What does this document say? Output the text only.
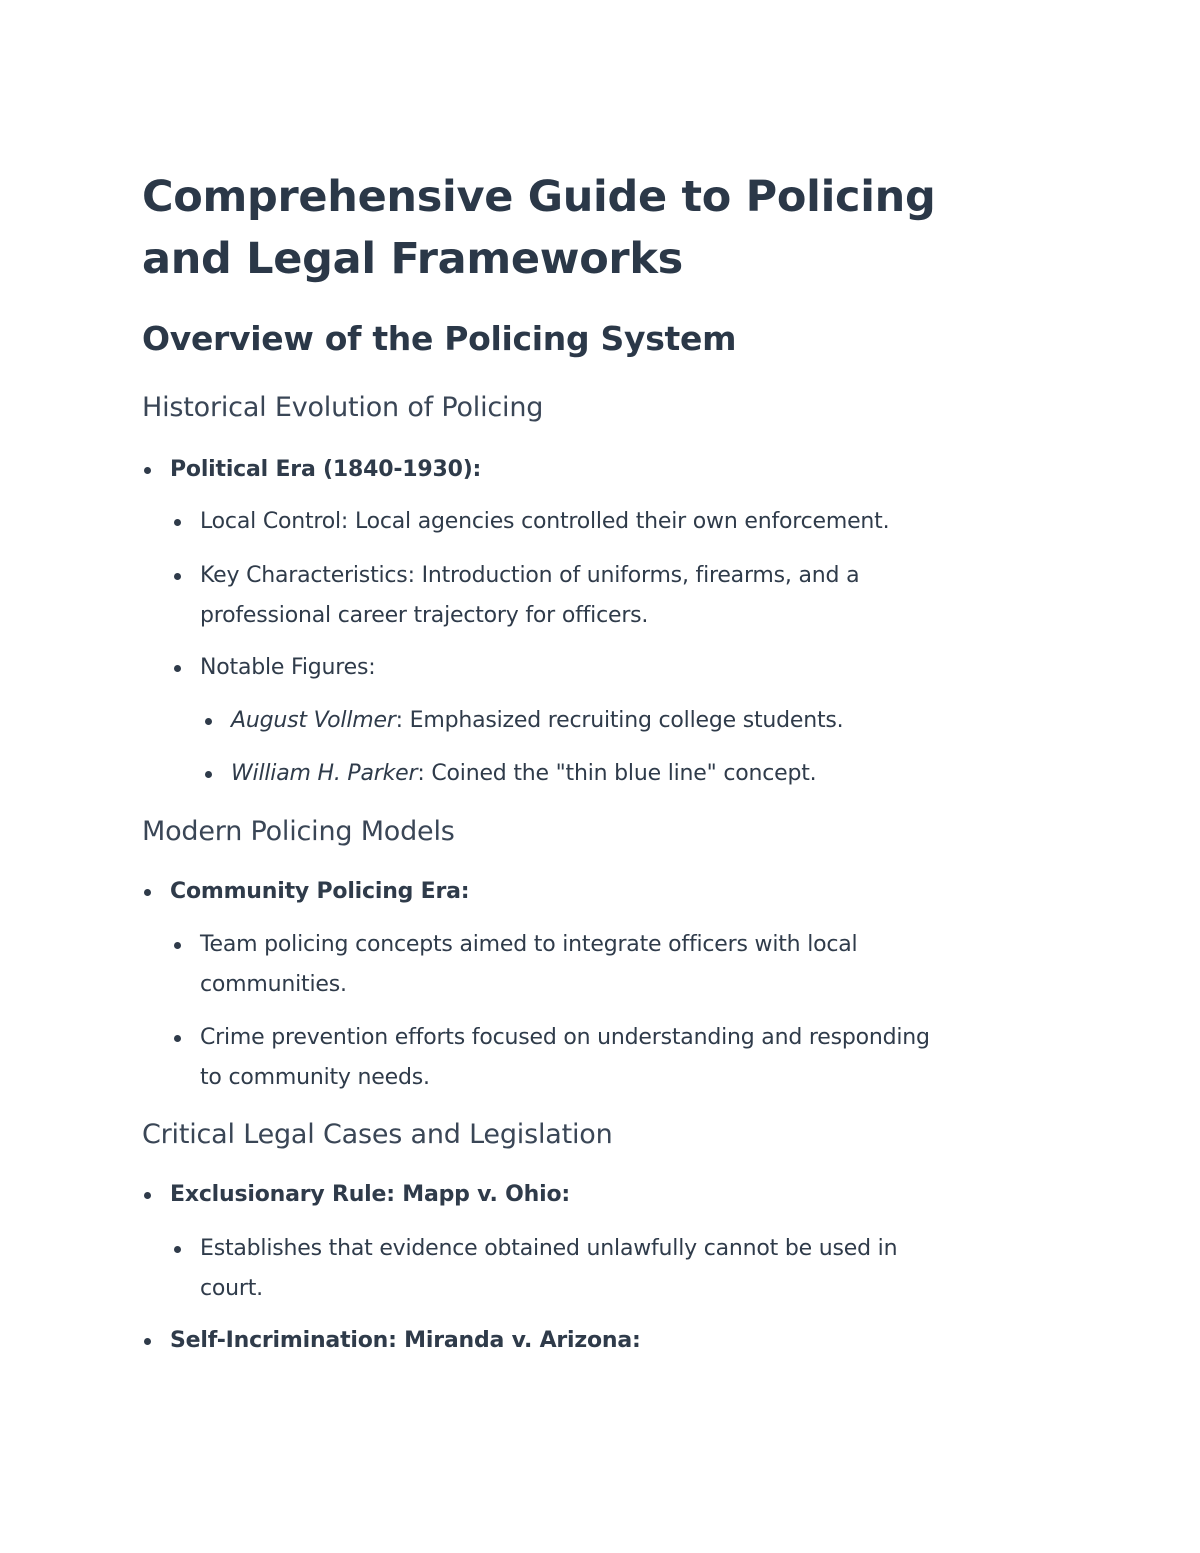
Comprehensive Guide to Policing and Legal Frameworks
Overview of the Policing System
Historical Evolution of Policing
Political Era (1840-1930):
Local Control: Local agencies controlled their own enforcement.
Key Characteristics: Introduction of uniforms, firearms, and a
professional career trajectory for officers.
Notable Figures:
August Vollmer: Emphasized recruiting college students.
William H. Parker: Coined the "thin blue line" concept.
Modern Policing Models
Community Policing Era:
Team policing concepts aimed to integrate officers with local
communities.
Crime prevention efforts focused on understanding and responding
to community needs.
Critical Legal Cases and Legislation
Exclusionary Rule: Mapp v. Ohio:
Establishes that evidence obtained unlawfully cannot be used in
court.
Self-Incrimination: Miranda v. Arizona:
